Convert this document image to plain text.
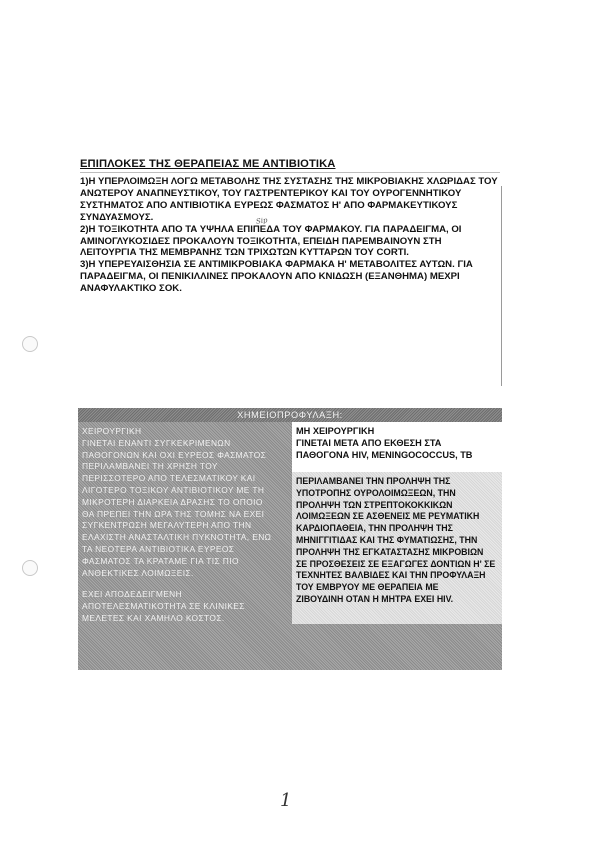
ΕΠΙΠΛΟΚΕΣ ΤΗΣ ΘΕΡΑΠΕΙΑΣ ΜΕ ΑΝΤΙΒΙΟΤΙΚΑ

1)Η ΥΠΕΡΛΟΙΜΩΞΗ ΛΟΓΩ ΜΕΤΑΒΟΛΗΣ ΤΗΣ ΣΥΣΤΑΣΗΣ ΤΗΣ ΜΙΚΡΟΒΙΑΚΗΣ ΧΛΩΡΙΔΑΣ ΤΟΥ ΑΝΩΤΕΡΟΥ ΑΝΑΠΝΕΥΣΤΙΚΟΥ, ΤΟΥ ΓΑΣΤΡΕΝΤΕΡΙΚΟΥ ΚΑΙ ΤΟΥ ΟΥΡΟΓΕΝΝΗΤΙΚΟΥ ΣΥΣΤΗΜΑΤΟΣ ΑΠΟ ΑΝΤΙΒΙΟΤΙΚΑ ΕΥΡΕΩΣ ΦΑΣΜΑΤΟΣ Η' ΑΠΟ ΦΑΡΜΑΚΕΥΤΙΚΟΥΣ ΣΥΝΔΥΑΣΜΟΥΣ.

2)Η ΤΟΞΙΚΟΤΗΤΑ ΑΠΟ ΤΑ ΥΨΗΛΑ ΕΠΙΠΕΔΑ ΤΟΥ ΦΑΡΜΑΚΟΥ. ΓΙΑ ΠΑΡΑΔΕΙΓΜΑ, ΟΙ ΑΜΙΝΟΓΛΥΚΟΣΙΔΕΣ ΠΡΟΚΑΛΟΥΝ ΤΟΞΙΚΟΤΗΤΑ, ΕΠΕΙΔΗ ΠΑΡΕΜΒΑΙΝΟΥΝ ΣΤΗ ΛΕΙΤΟΥΡΓΙΑ ΤΗΣ ΜΕΜΒΡΑΝΗΣ ΤΩΝ ΤΡΙΧΩΤΩΝ ΚΥΤΤΑΡΩΝ ΤΟΥ CORTI.

3)Η ΥΠΕΡΕΥΑΙΣΘΗΣΙΑ ΣΕ ΑΝΤΙΜΙΚΡΟΒΙΑΚΑ ΦΑΡΜΑΚΑ Η' ΜΕΤΑΒΟΛΙΤΕΣ ΑΥΤΩΝ. ΓΙΑ ΠΑΡΑΔΕΙΓΜΑ, ΟΙ ΠΕΝΙΚΙΛΛΙΝΕΣ ΠΡΟΚΑΛΟΥΝ ΑΠΟ ΚΝΙΔΩΣΗ (ΕΞΑΝΘΗΜΑ) ΜΕΧΡΙ ΑΝΑΦΥΛΑΚΤΙΚΟ ΣΟΚ.

Sip
ΧΗΜΕΙΟΠΡΟΦΥΛΑΞΗ:

ΧΕΙΡΟΥΡΓΙΚΗ

ΓΙΝΕΤΑΙ ΕΝΑΝΤΙ ΣΥΓΚΕΚΡΙΜΕΝΩΝ
ΠΑΘΟΓΟΝΩΝ ΚΑΙ ΟΧΙ ΕΥΡΕΟΣ ΦΑΣΜΑΤΟΣ
ΠΕΡΙΛΑΜΒΑΝΕΙ ΤΗ ΧΡΗΣΗ ΤΟΥ
ΠΕΡΙΣΣΟΤΕΡΟ ΑΠΟ ΤΕΛΕΣΜΑΤΙΚΟΥ ΚΑΙ
ΛΙΓΟΤΕΡΟ ΤΟΞΙΚΟΥ ΑΝΤΙΒΙΟΤΙΚΟΥ ΜΕ ΤΗ
ΜΙΚΡΟΤΕΡΗ ΔΙΑΡΚΕΙΑ ΔΡΑΣΗΣ ΤΟ ΟΠΟΙΟ
ΘΑ ΠΡΕΠΕΙ ΤΗΝ ΩΡΑ ΤΗΣ ΤΟΜΗΣ ΝΑ ΕΧΕΙ
ΣΥΓΚΕΝΤΡΩΣΗ ΜΕΓΑΛΥΤΕΡΗ ΑΠΟ ΤΗΝ
ΕΛΑΧΙΣΤΗ ΑΝΑΣΤΑΛΤΙΚΗ ΠΥΚΝΟΤΗΤΑ, ΕΝΩ
ΤΑ ΝΕΟΤΕΡΑ ΑΝΤΙΒΙΟΤΙΚΑ ΕΥΡΕΟΣ
ΦΑΣΜΑΤΟΣ ΤΑ ΚΡΑΤΑΜΕ ΓΙΑ ΤΙΣ ΠΙΟ
ΑΝΘΕΚΤΙΚΕΣ ΛΟΙΜΩΞΕΙΣ.

ΕΧΕΙ ΑΠΟΔΕΔΕΙΓΜΕΝΗ
ΑΠΟΤΕΛΕΣΜΑΤΙΚΟΤΗΤΑ ΣΕ ΚΛΙΝΙΚΕΣ
ΜΕΛΕΤΕΣ ΚΑΙ ΧΑΜΗΛΟ ΚΟΣΤΟΣ.

ΜΗ ΧΕΙΡΟΥΡΓΙΚΗ
ΓΙΝΕΤΑΙ ΜΕΤΑ ΑΠΟ ΕΚΘΕΣΗ ΣΤΑ
ΠΑΘΟΓΟΝΑ HIV, MENINGOCOCCUS, TB

ΠΕΡΙΛΑΜΒΑΝΕΙ ΤΗΝ ΠΡΟΛΗΨΗ ΤΗΣ
ΥΠΟΤΡΟΠΗΣ ΟΥΡΟΛΟΙΜΩΞΕΩΝ, ΤΗΝ
ΠΡΟΛΗΨΗ ΤΩΝ ΣΤΡΕΠΤΟΚΟΚΚΙΚΩΝ
ΛΟΙΜΩΞΕΩΝ ΣΕ ΑΣΘΕΝΕΙΣ ΜΕ ΡΕΥΜΑΤΙΚΗ
ΚΑΡΔΙΟΠΑΘΕΙΑ, ΤΗΝ ΠΡΟΛΗΨΗ ΤΗΣ
ΜΗΝΙΓΓΙΤΙΔΑΣ ΚΑΙ ΤΗΣ ΦΥΜΑΤΙΩΣΗΣ, ΤΗΝ
ΠΡΟΛΗΨΗ ΤΗΣ ΕΓΚΑΤΑΣΤΑΣΗΣ ΜΙΚΡΟΒΙΩΝ
ΣΕ ΠΡΟΣΘΕΣΕΙΣ ΣΕ ΕΞΑΓΩΓΕΣ ΔΟΝΤΙΩΝ Η' ΣΕ
ΤΕΧΝΗΤΕΣ ΒΑΛΒΙΔΕΣ ΚΑΙ ΤΗΝ ΠΡΟΦΥΛΑΞΗ
ΤΟΥ ΕΜΒΡΥΟΥ ΜΕ ΘΕΡΑΠΕΙΑ ΜΕ
ΖΙΒΟΥΔΙΝΗ ΟΤΑΝ Η ΜΗΤΡΑ ΕΧΕΙ HIV.

1
